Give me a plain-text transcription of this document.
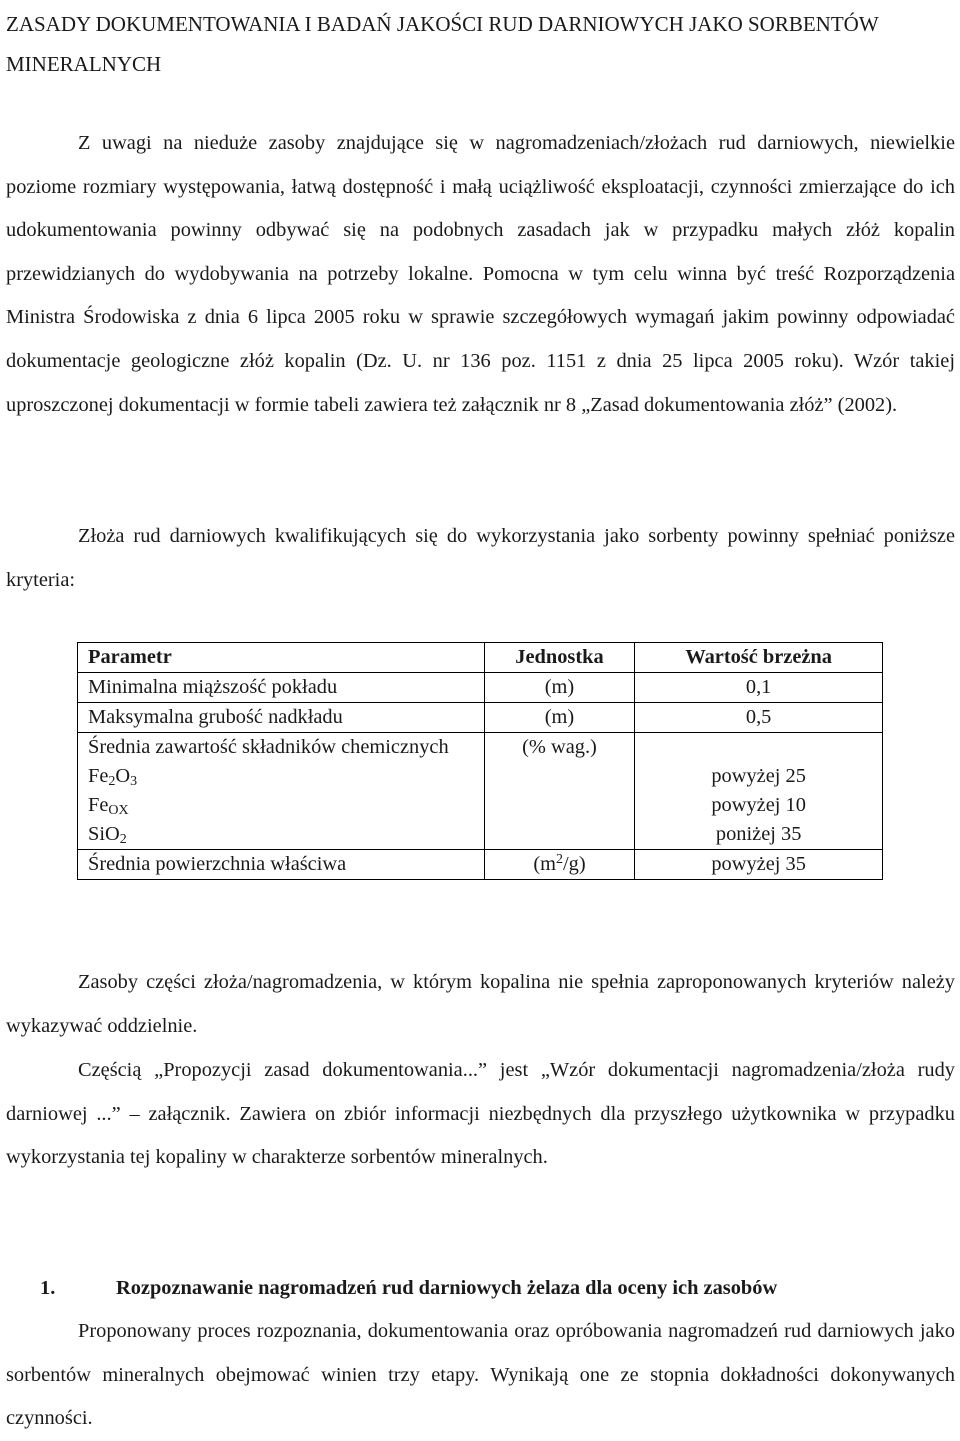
ZASADY DOKUMENTOWANIA I BADAŃ JAKOŚCI RUD DARNIOWYCH JAKO SORBENTÓW MINERALNYCH

Z uwagi na nieduże zasoby znajdujące się w nagromadzeniach/złożach rud darniowych, niewielkie poziome rozmiary występowania, łatwą dostępność i małą uciążliwość eksploatacji, czynności zmierzające do ich udokumentowania powinny odbywać się na podobnych zasadach jak w przypadku małych złóż kopalin przewidzianych do wydobywania na potrzeby lokalne. Pomocna w tym celu winna być treść Rozporządzenia Ministra Środowiska z dnia 6 lipca 2005 roku w sprawie szczegółowych wymagań jakim powinny odpowiadać dokumentacje geologiczne złóż kopalin (Dz. U. nr 136 poz. 1151 z dnia 25 lipca 2005 roku). Wzór takiej uproszczonej dokumentacji w formie tabeli zawiera też załącznik nr 8 „Zasad dokumentowania złóż” (2002).

Złoża rud darniowych kwalifikujących się do wykorzystania jako sorbenty powinny spełniać poniższe kryteria:

Parametr	Jednostka	Wartość brzeżna
Minimalna miąższość pokładu	(m)	0,1
Maksymalna grubość nadkładu	(m)	0,5
Średnia zawartość składników chemicznych	(% wag.)	
$Fe_2O_3$		powyżej 25
$Fe_{OX}$		powyżej 10
SiO$_2$		poniżej 35
Średnia powierzchnia właściwa	$(m^2/g)$	powyżej 35

Zasoby części złoża/nagromadzenia, w którym kopalina nie spełnia zaproponowanych kryteriów należy wykazywać oddzielnie.

Częścią „Propozycji zasad dokumentowania...” jest „Wzór dokumentacji nagromadzenia/złoża rudy darniowej ...” – załącznik. Zawiera on zbiór informacji niezbędnych dla przyszłego użytkownika w przypadku wykorzystania tej kopaliny w charakterze sorbentów mineralnych.

1.	Rozpoznawanie nagromadzeń rud darniowych żelaza dla oceny ich zasobów

Proponowany proces rozpoznania, dokumentowania oraz opróbowania nagromadzeń rud darniowych jako sorbentów mineralnych obejmować winien trzy etapy. Wynikają one ze stopnia dokładności dokonywanych czynności.
